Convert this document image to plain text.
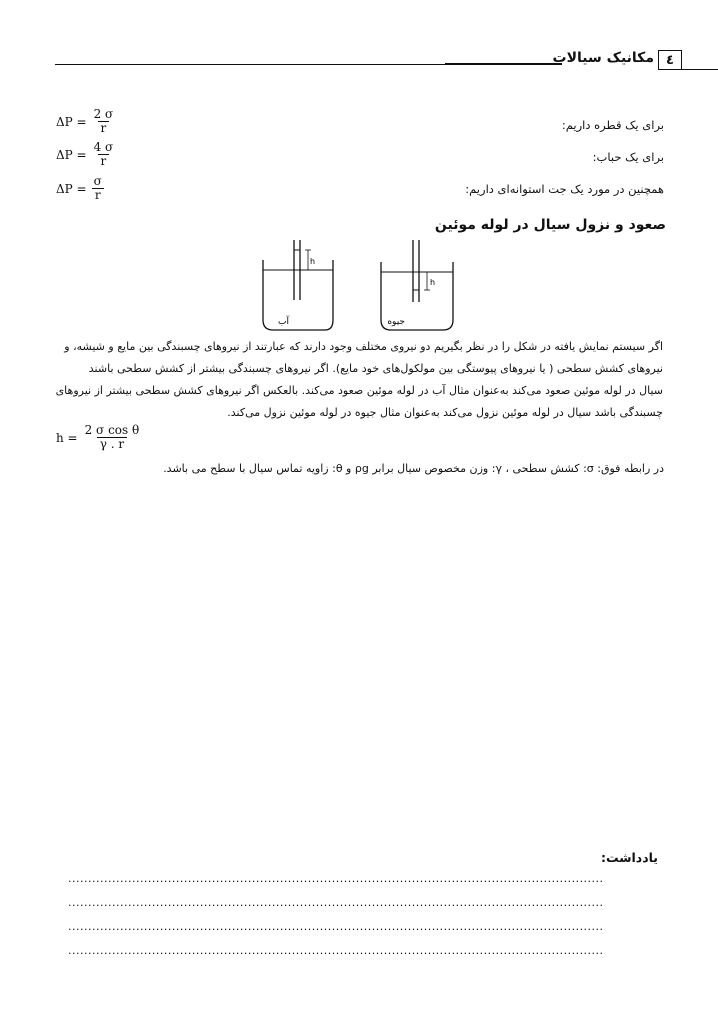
٤
مکانیک سیالات
$\Delta P = \frac{2 \sigma}{r}$	برای یک قطره داریم:
$\Delta P = \frac{4 \sigma}{r}$	برای یک حباب:
$\Delta P = \frac{\sigma}{r}$	همچنین در مورد یک جت استوانه‌ای داریم:
صعود و نزول سیال در لوله موئین
h
آب
h
جیوه
اگر سیستم نمایش یافته در شکل را در نظر بگیریم دو نیروی مختلف وجود دارند که عبارتند از نیروهای چسبندگی بین مایع و شیشه، و
نیروهای کشش سطحی ( یا نیروهای پیوستگی بین مولکول‌های خود مایع). اگر نیروهای چسبندگی بیشتر از کشش سطحی باشند
سیال در لوله موئین صعود می‌کند به‌عنوان مثال آب در لوله موئین صعود می‌کند. بالعکس اگر نیروهای کشش سطحی بیشتر از نیروهای
چسبندگی باشد سیال در لوله موئین نزول می‌کند به‌عنوان مثال جیوه در لوله موئین نزول می‌کند.
$h = \frac{\text{2 σ cos θ}}{\gamma . r}$
در رابطه فوق: σ: کشش سطحی ، γ: وزن مخصوص سیال برابر ρg و θ: زاویه تماس سیال با سطح می باشد.
یادداشت:
......................................................................................................................................
......................................................................................................................................
......................................................................................................................................
......................................................................................................................................
